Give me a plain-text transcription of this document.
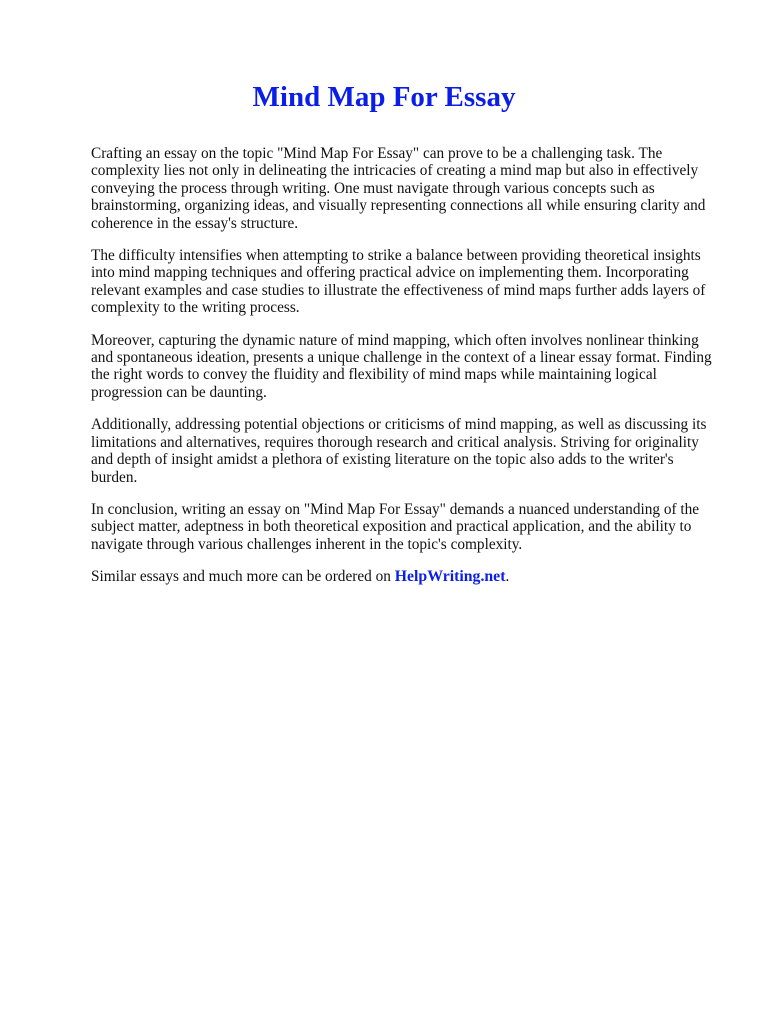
Mind Map For Essay

Crafting an essay on the topic "Mind Map For Essay" can prove to be a challenging task. The complexity lies not only in delineating the intricacies of creating a mind map but also in effectively conveying the process through writing. One must navigate through various concepts such as brainstorming, organizing ideas, and visually representing connections all while ensuring clarity and coherence in the essay's structure.

The difficulty intensifies when attempting to strike a balance between providing theoretical insights into mind mapping techniques and offering practical advice on implementing them. Incorporating relevant examples and case studies to illustrate the effectiveness of mind maps further adds layers of complexity to the writing process.

Moreover, capturing the dynamic nature of mind mapping, which often involves nonlinear thinking and spontaneous ideation, presents a unique challenge in the context of a linear essay format. Finding the right words to convey the fluidity and flexibility of mind maps while maintaining logical progression can be daunting.

Additionally, addressing potential objections or criticisms of mind mapping, as well as discussing its limitations and alternatives, requires thorough research and critical analysis. Striving for originality and depth of insight amidst a plethora of existing literature on the topic also adds to the writer's burden.

In conclusion, writing an essay on "Mind Map For Essay" demands a nuanced understanding of the subject matter, adeptness in both theoretical exposition and practical application, and the ability to navigate through various challenges inherent in the topic's complexity.

Similar essays and much more can be ordered on HelpWriting.net.
